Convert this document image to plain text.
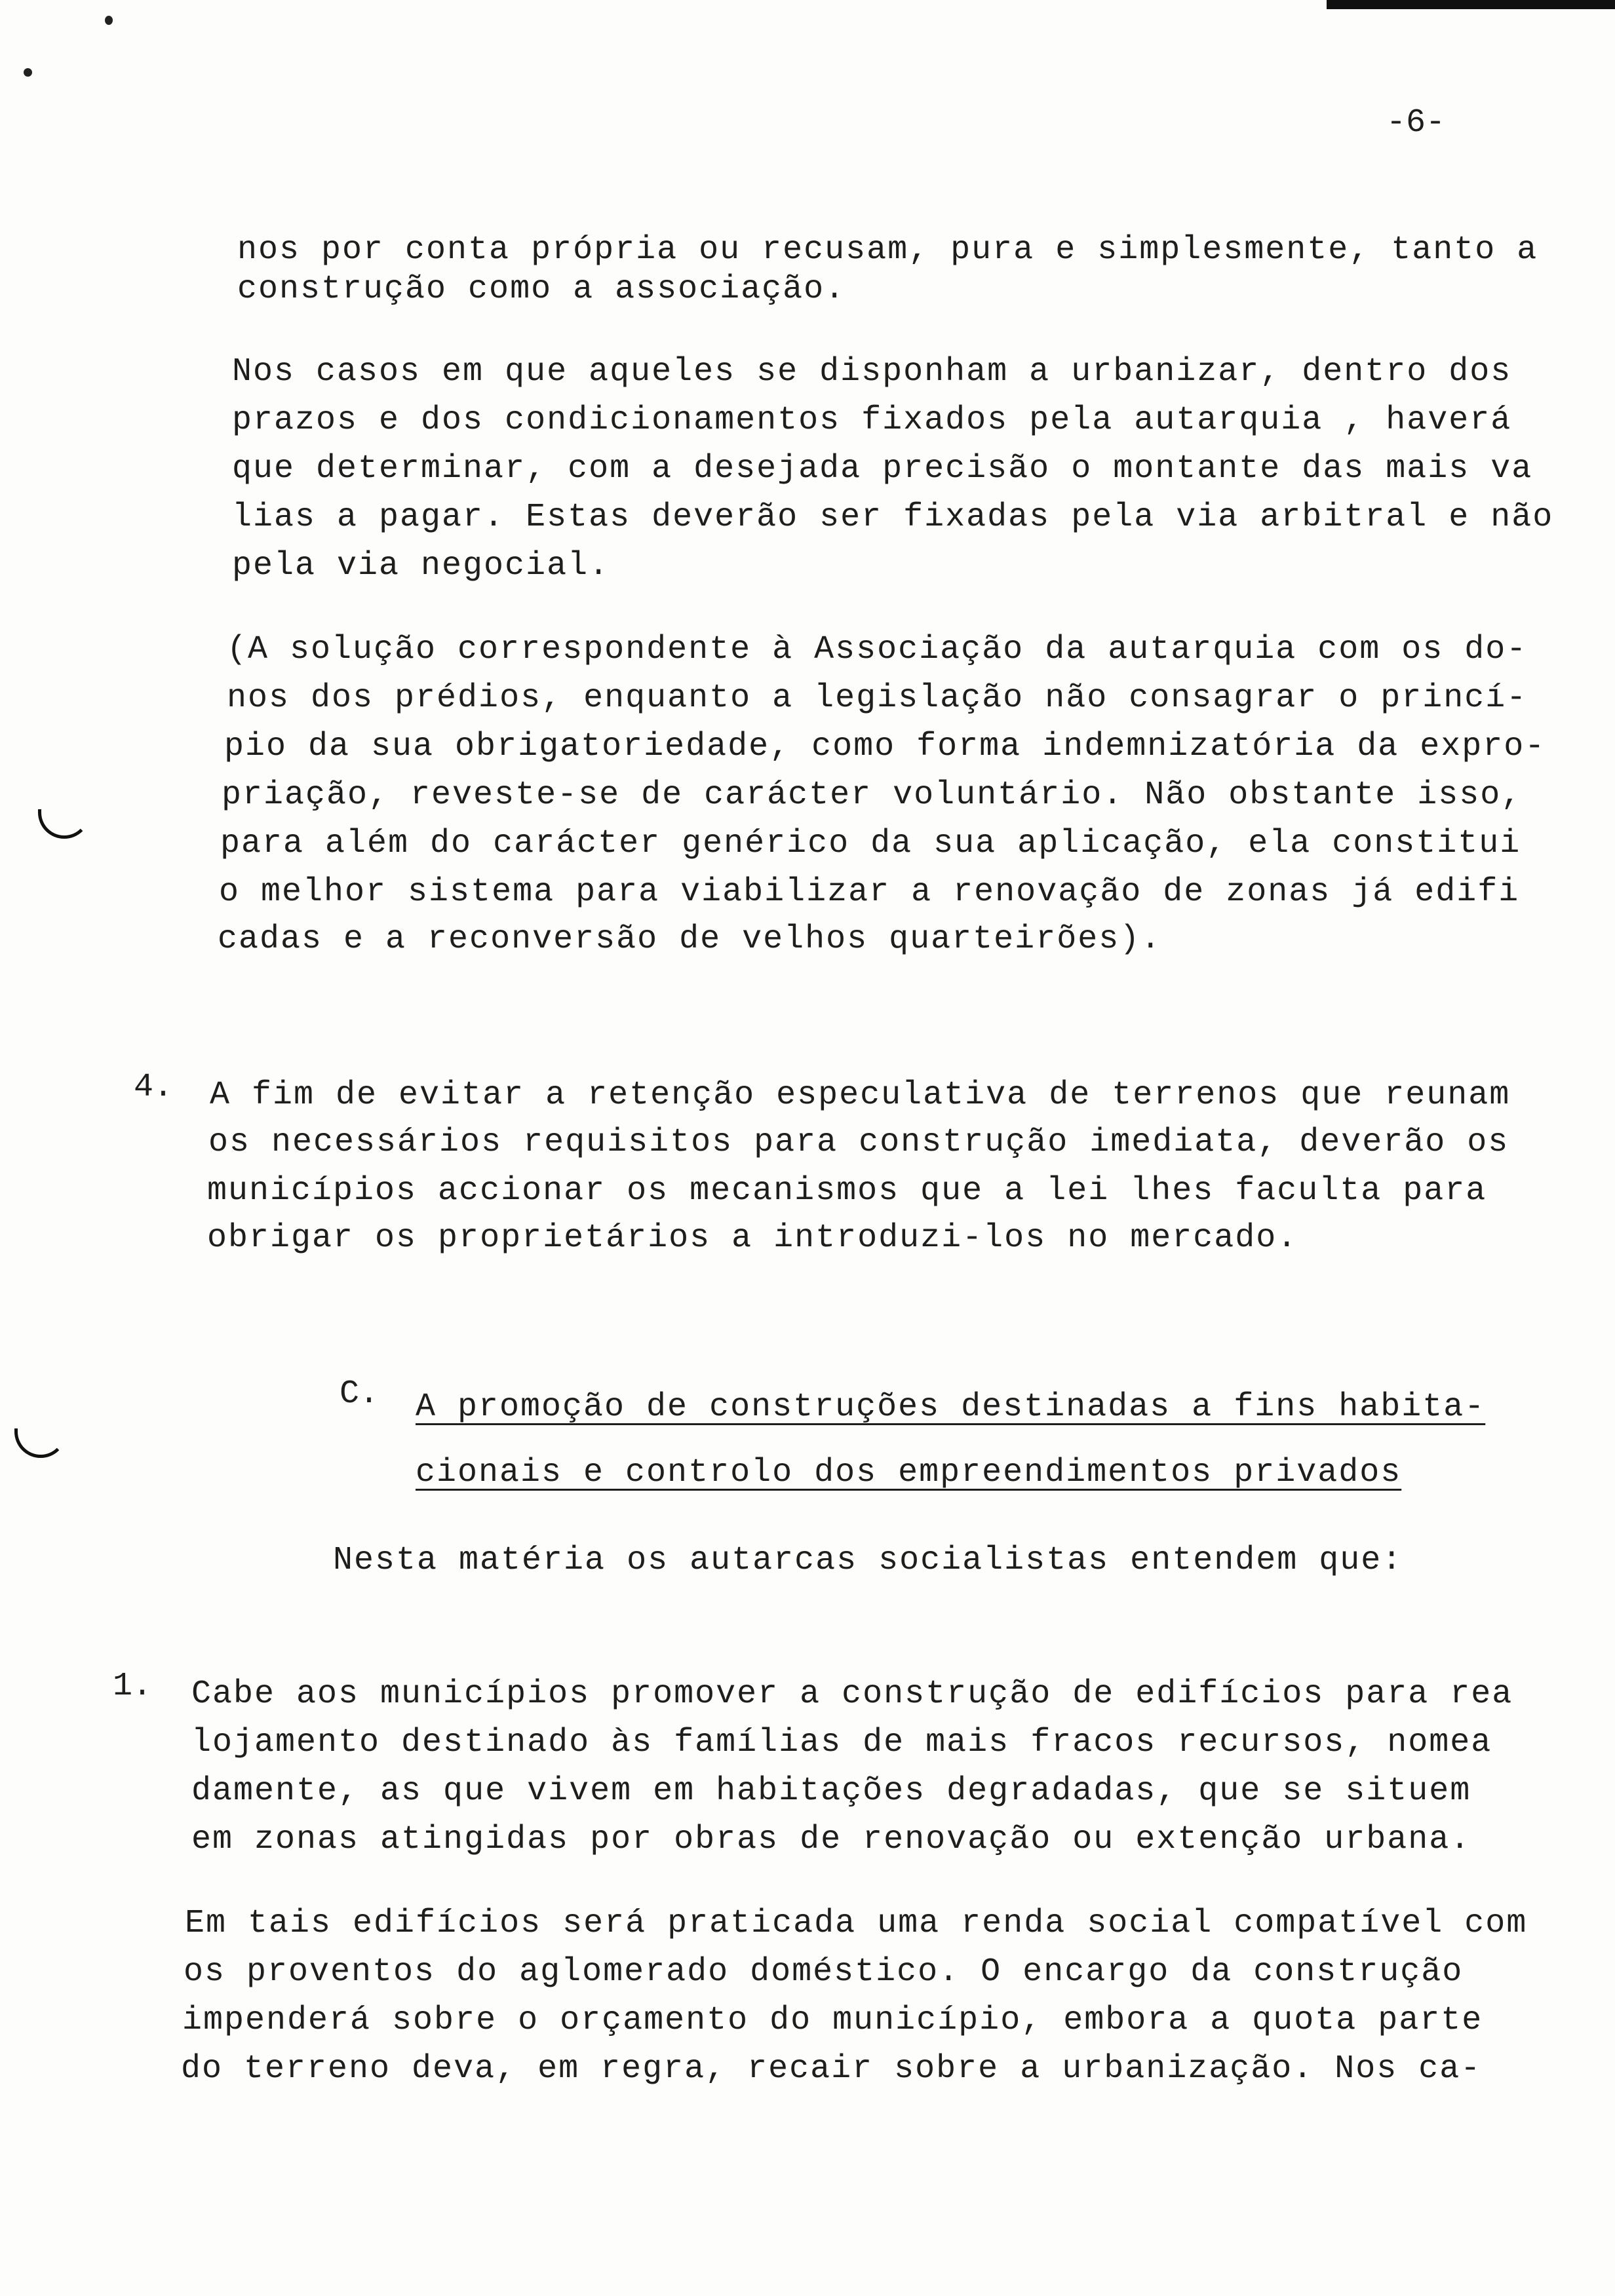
-6-
nos por conta própria ou recusam, pura e simplesmente, tanto a
construção como a associação.
Nos casos em que aqueles se disponham a urbanizar, dentro dos
prazos e dos condicionamentos fixados pela autarquia , haverá
que determinar, com a desejada precisão o montante das mais va
lias a pagar. Estas deverão ser fixadas pela via arbitral e não
pela via negocial.
(A solução correspondente à Associação da autarquia com os do-
nos dos prédios, enquanto a legislação não consagrar o princí-
pio da sua obrigatoriedade, como forma indemnizatória da expro-
priação, reveste-se de carácter voluntário. Não obstante isso,
para além do carácter genérico da sua aplicação, ela constitui
o melhor sistema para viabilizar a renovação de zonas já edifi
cadas e a reconversão de velhos quarteirões).
4. A fim de evitar a retenção especulativa de terrenos que reunam
os necessários requisitos para construção imediata, deverão os
municípios accionar os mecanismos que a lei lhes faculta para
obrigar os proprietários a introduzi-los no mercado.
C. A promoção de construções destinadas a fins habita-
cionais e controlo dos empreendimentos privados
Nesta matéria os autarcas socialistas entendem que:
1. Cabe aos municípios promover a construção de edifícios para rea
lojamento destinado às famílias de mais fracos recursos, nomea
damente, as que vivem em habitações degradadas, que se situem
em zonas atingidas por obras de renovação ou extenção urbana.
Em tais edifícios será praticada uma renda social compatível com
os proventos do aglomerado doméstico. O encargo da construção
impenderá sobre o orçamento do município, embora a quota parte
do terreno deva, em regra, recair sobre a urbanização. Nos ca-
